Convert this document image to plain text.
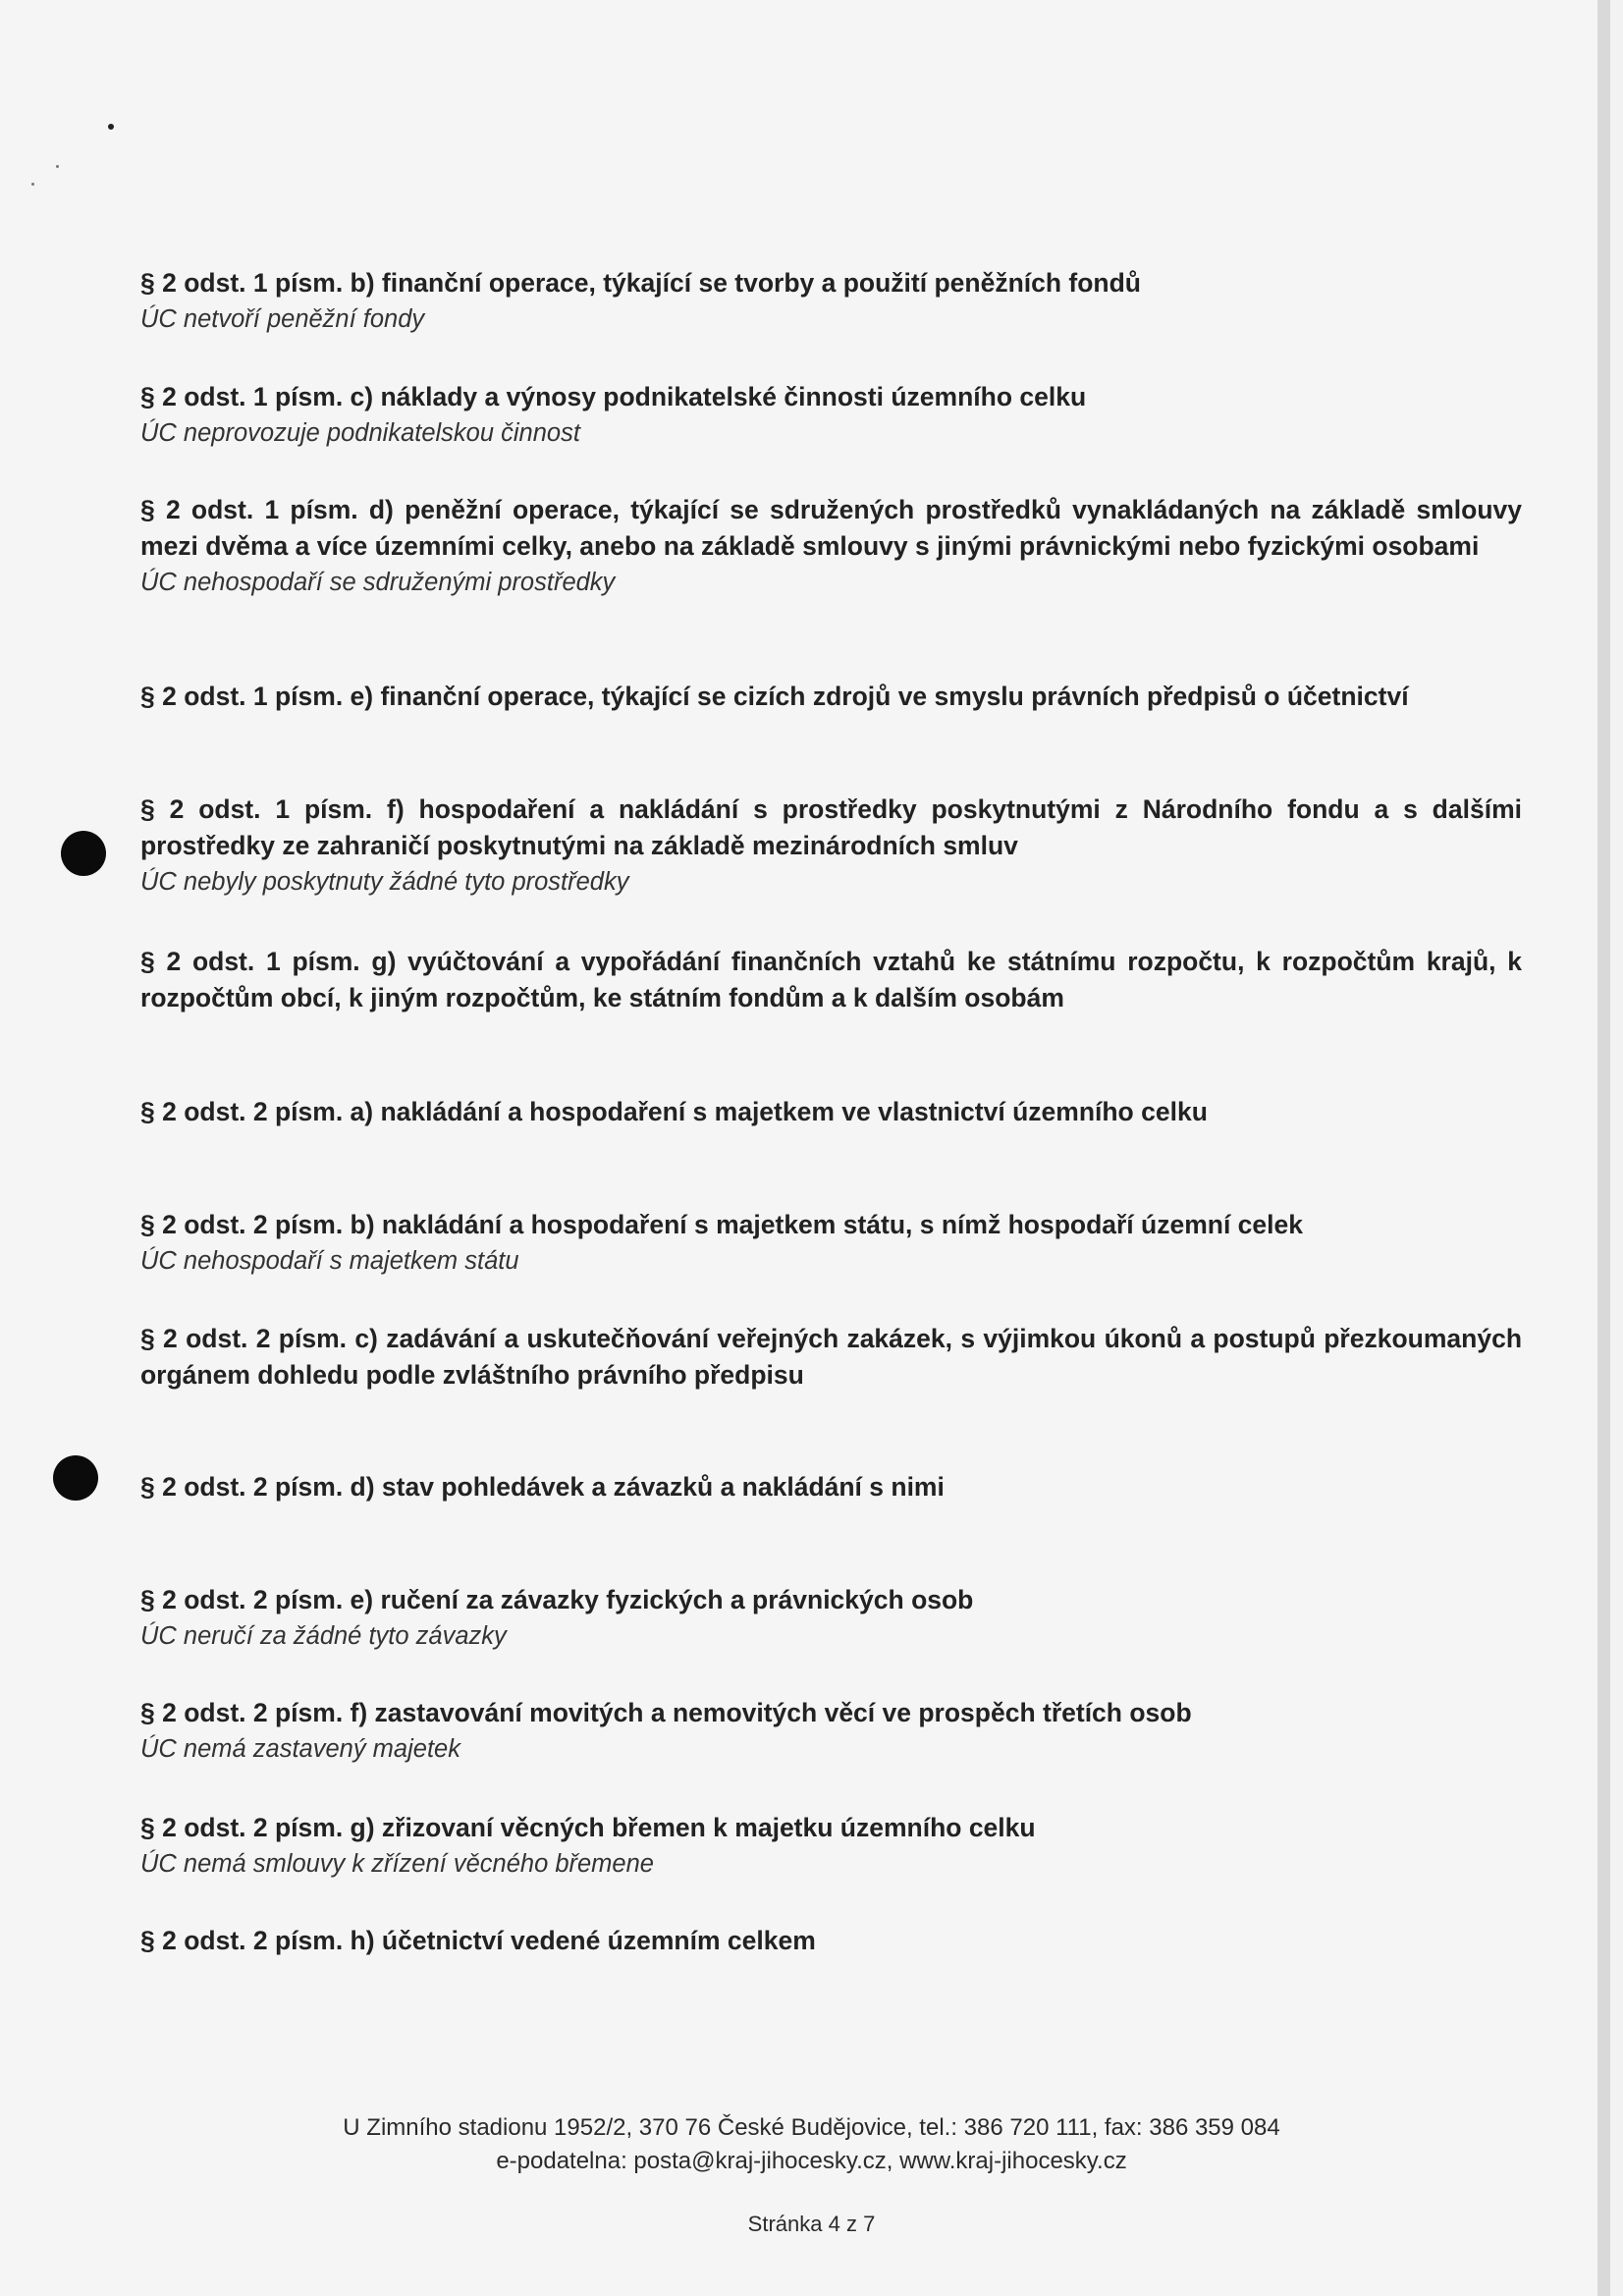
§ 2 odst. 1 písm. b) finanční operace, týkající se tvorby a použití peněžních fondů

ÚC netvoří peněžní fondy

§ 2 odst. 1 písm. c) náklady a výnosy podnikatelské činnosti územního celku

ÚC neprovozuje podnikatelskou činnost

§ 2 odst. 1 písm. d) peněžní operace, týkající se sdružených prostředků vynakládaných na základě smlouvy mezi dvěma a více územními celky, anebo na základě smlouvy s jinými právnickými nebo fyzickými osobami

ÚC nehospodaří se sdruženými prostředky

§ 2 odst. 1 písm. e) finanční operace, týkající se cizích zdrojů ve smyslu právních předpisů o účetnictví

§ 2 odst. 1 písm. f) hospodaření a nakládání s prostředky poskytnutými z Národního fondu a s dalšími prostředky ze zahraničí poskytnutými na základě mezinárodních smluv

ÚC nebyly poskytnuty žádné tyto prostředky

§ 2 odst. 1 písm. g) vyúčtování a vypořádání finančních vztahů ke státnímu rozpočtu, k rozpočtům krajů, k rozpočtům obcí, k jiným rozpočtům, ke státním fondům a k dalším osobám

§ 2 odst. 2 písm. a) nakládání a hospodaření s majetkem ve vlastnictví územního celku

§ 2 odst. 2 písm. b) nakládání a hospodaření s majetkem státu, s nímž hospodaří územní celek

ÚC nehospodaří s majetkem státu

§ 2 odst. 2 písm. c) zadávání a uskutečňování veřejných zakázek, s výjimkou úkonů a postupů přezkoumaných orgánem dohledu podle zvláštního právního předpisu

§ 2 odst. 2 písm. d) stav pohledávek a závazků a nakládání s nimi

§ 2 odst. 2 písm. e) ručení za závazky fyzických a právnických osob

ÚC neručí za žádné tyto závazky

§ 2 odst. 2 písm. f) zastavování movitých a nemovitých věcí ve prospěch třetích osob

ÚC nemá zastavený majetek

§ 2 odst. 2 písm. g) zřizovaní věcných břemen k majetku územního celku

ÚC nemá smlouvy k zřízení věcného břemene

§ 2 odst. 2 písm. h) účetnictví vedené územním celkem

U Zimního stadionu 1952/2, 370 76 České Budějovice, tel.: 386 720 111, fax: 386 359 084
e-podatelna: posta@kraj-jihocesky.cz, www.kraj-jihocesky.cz
Stránka 4 z 7
